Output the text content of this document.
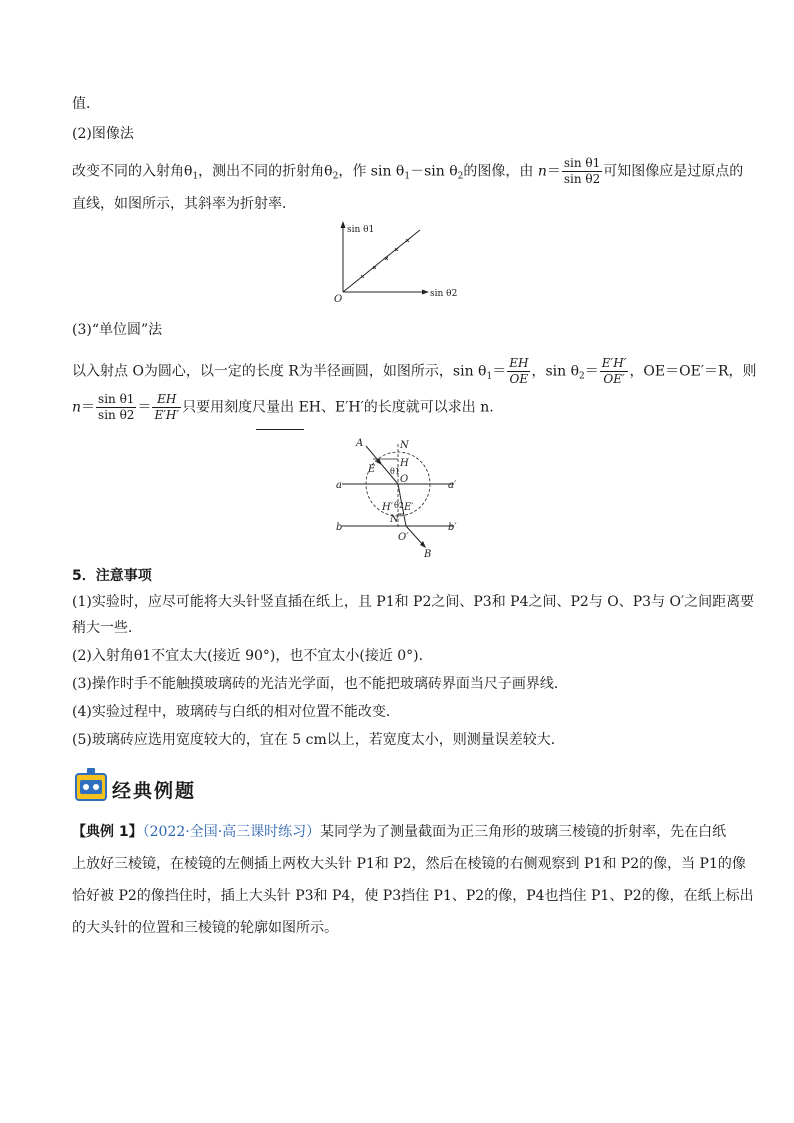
值．
(2)图像法
改变不同的入射角$\theta_1$，测出不同的折射角$\theta_2$，作 $\sin \theta_1-\sin$ $\theta_2$的图像，由 $n= \frac{\text{sin θ1}}{\text{sin θ2}}$ 可知图像应是过原点的
直线，如图所示，其斜率为折射率．
sin θ1
sin θ2
O
(3)“单位圆”法
以入射点 O为圆心，以一定的长度 R为半径画圆，如图所示，$\sin \theta_1= \frac{EH}{OE}$ ，$\sin \theta_2= \frac{E'H'}{OE'}$ ，OE＝OE′＝R，则
$n= \frac{\text{sin θ1}}{\text{sin θ2}} = \frac{EH}{E'H'}$ 只要用刻度尺量出 EH、E′H′的长度就可以求出 n.
A	N
E θ1
H
O
a	a′
H′ θ2 E′
N′
b	b′
O′
B
5．注意事项
(1)实验时，应尽可能将大头针竖直插在纸上，且 P1和 P2之间、P3和 P4之间、P2与 O、P3与 O′之间距离要
稍大一些．
(2)入射角θ1不宜太大(接近 90°)，也不宜太小(接近 0°)．
(3)操作时手不能触摸玻璃砖的光洁光学面，也不能把玻璃砖界面当尺子画界线．
(4)实验过程中，玻璃砖与白纸的相对位置不能改变．
(5)玻璃砖应选用宽度较大的，宜在 5 cm以上，若宽度太小，则测量误差较大．
经典例题
【典例 1】（2022·全国·高三课时练习）某同学为了测量截面为正三角形的玻璃三棱镜的折射率，先在白纸
上放好三棱镜，在棱镜的左侧插上两枚大头针 P1和 P2，然后在棱镜的右侧观察到 P1和 P2的像，当 P1的像
恰好被 P2的像挡住时，插上大头针 P3和 P4，使 P3挡住 P1、P2的像，P4也挡住 P1、P2的像，在纸上标出
的大头针的位置和三棱镜的轮廓如图所示。
